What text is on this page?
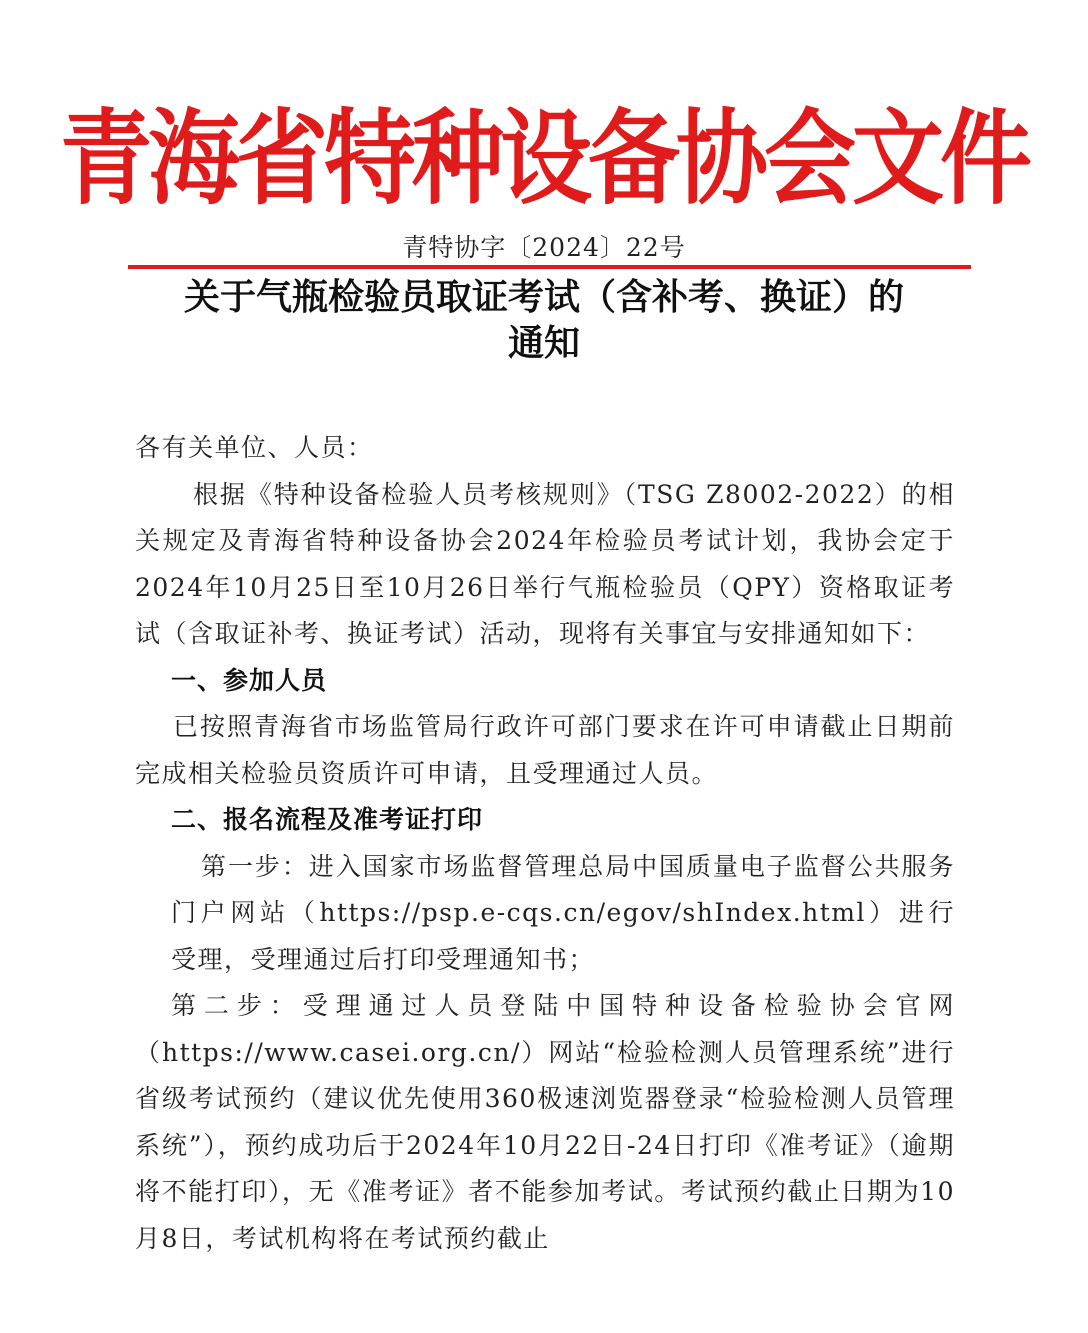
青海省特种设备协会文件
青特协字〔2024〕22号
关于气瓶检验员取证考试（含补考、换证）的
通知

各有关单位、人员：

根据《特种设备检验人员考核规则》（TSG Z8002-2022）的相关规定及青海省特种设备协会2024年检验员考试计划，我协会定于2024年10月25日至10月26日举行气瓶检验员（QPY）资格取证考试（含取证补考、换证考试）活动，现将有关事宜与安排通知如下：

一、参加人员

已按照青海省市场监管局行政许可部门要求在许可申请截止日期前完成相关检验员资质许可申请，且受理通过人员。

二、报名流程及准考证打印

第一步：进入国家市场监督管理总局中国质量电子监督公共服务门户网站（https://psp.e-cqs.cn/egov/shIndex.html）进行受理，受理通过后打印受理通知书；

第二步：受理通过人员登陆中国特种设备检验协会官网（https://www.casei.org.cn/）网站“检验检测人员管理系统”进行省级考试预约（建议优先使用360极速浏览器登录“检验检测人员管理系统”），预约成功后于2024年10月22日-24日打印《准考证》（逾期将不能打印），无《准考证》者不能参加考试。考试预约截止日期为10月8日，考试机构将在考试预约截止
